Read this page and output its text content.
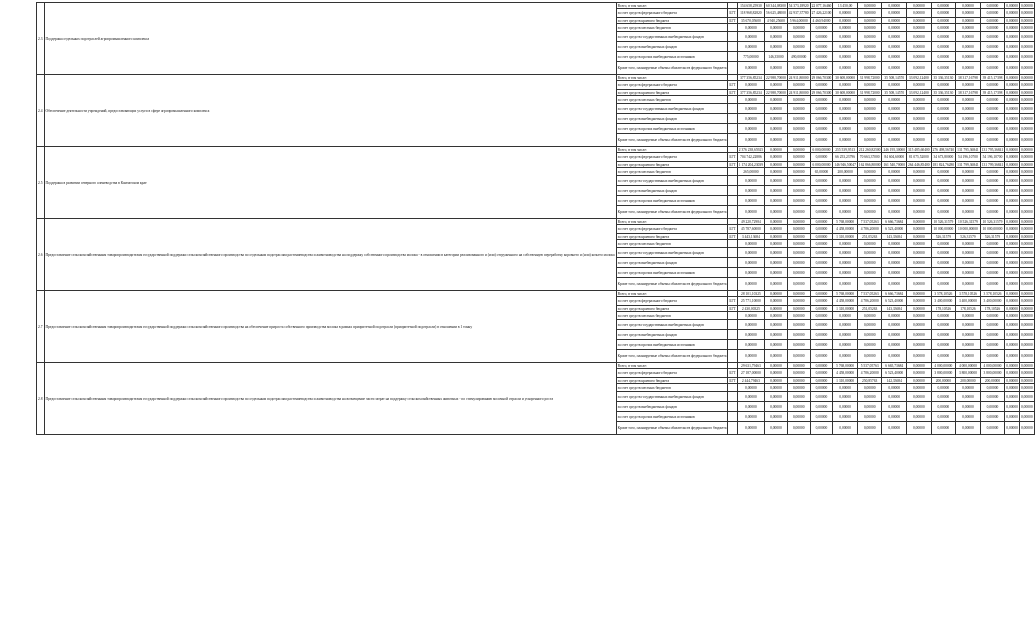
2.3	Поддержка отдельных подотраслей агропромышленного комплекса	Всего, в том числе:		154 658,25930	60 344,08300	54 373,18920	22 077,16460	13 450,00	0,00000	0,00000	0,00000	0,00000	0,00000	0,00000	0,00000	0,00000
		за счет средств федерального бюджета	БГТ	118 968,82820	56 625,48000	42 937,37780	27 426,22100	0,00000	0,00000	0,00000	0,00000	0,00000	0,00000	0,00000	0,00000	0,00000
		за счет средств краевого бюджета	БГТ	35 670,05600	4 940,25600	5 964,00000	4 460,94000	0,00000	0,00000	0,00000	0,00000	0,00000	0,00000	0,00000	0,00000	0,00000
		за счет средств местных бюджетов		0,00000	0,00000	0,00000	0,00000	0,00000	0,00000	0,00000	0,00000	0,00000	0,00000	0,00000	0,00000	0,00000
		за счет средств государственных внебюджетных фондов		0,00000	0,00000	0,00000	0,00000	0,00000	0,00000	0,00000	0,00000	0,00000	0,00000	0,00000	0,00000	0,00000
		за счет средств внебюджетных фондов		0,00000	0,00000	0,00000	0,00000	0,00000	0,00000	0,00000	0,00000	0,00000	0,00000	0,00000	0,00000	0,00000
		за счет средств прочих внебюджетных источников		775,00000	146,35000	490,00000	0,00000	0,00000	0,00000	0,00000	0,00000	0,00000	0,00000	0,00000	0,00000	0,00000
		Кроме того, планируемые объемы обязательств федерального бюджета		0,00000	0,00000	0,00000	0,00000	0,00000	0,00000	0,00000	0,00000	0,00000	0,00000	0,00000	0,00000	0,00000
2.4	Обеспечение деятельности учреждений, предоставляющих услуги в сфере агропромышленного комплекса	Всего, в том числе:		377 356,85234	22 988,70000	24 911,80000	29 066,70300	30 608,00000	31 998,72000	35 508,14570	33 092,12400	35 336,35130	38 317,16798	39 415,17398	0,00000	0,00000
		за счет средств федерального бюджета	БГТ	0,00000	0,00000	0,00000	0,00000	0,00000	0,00000	0,00000	0,00000	0,00000	0,00000	0,00000	0,00000	0,00000
		за счет средств краевого бюджета	БГТ	377 356,85234	22 988,70000	24 911,80000	29 066,70300	30 608,00000	31 998,72000	35 508,14570	33 092,12400	35 336,35130	38 317,16798	39 415,17398	0,00000	0,00000
		за счет средств местных бюджетов		0,00000	0,00000	0,00000	0,00000	0,00000	0,00000	0,00000	0,00000	0,00000	0,00000	0,00000	0,00000	0,00000
		за счет средств государственных внебюджетных фондов		0,00000	0,00000	0,00000	0,00000	0,00000	0,00000	0,00000	0,00000	0,00000	0,00000	0,00000	0,00000	0,00000
		за счет средств внебюджетных фондов		0,00000	0,00000	0,00000	0,00000	0,00000	0,00000	0,00000	0,00000	0,00000	0,00000	0,00000	0,00000	0,00000
		за счет средств прочих внебюджетных источников		0,00000	0,00000	0,00000	0,00000	0,00000	0,00000	0,00000	0,00000	0,00000	0,00000	0,00000	0,00000	0,00000
		Кроме того, планируемые объемы обязательств федерального бюджета		0,00000	0,00000	0,00000	0,00000	0,00000	0,00000	0,00000	0,00000	0,00000	0,00000	0,00000	0,00000	0,00000
2.5	Поддержка в развитии северного оленеводства в Камчатском крае	Всего, в том числе:		2 376 238,65925	0,00000	0,00000	6 000,00000	255 539,9513	212 260,82500	246 195,30000	315 485,60400	276 498,56740	131 795,36841	131 795,36841	0,00000	0,00000
		за счет средств федерального бюджета	БГТ	704 742,22886	0,00000	0,00000	0,00000	66 253,23796	70 663,37000	84 604,60000	81 075,52000	34 673,80000	54 196,10700	54 196,10700	0,00000	0,00000
		за счет средств краевого бюджета	БГТ	1 174 204,23039	0,00000	0,00000	6 000,00000	146 946,50047	162 866,80000	161 540,70000	264 446,85400	181 824,76280	131 799,36841	131 799,36841	0,00000	0,00000
		за счет средств местных бюджетов		265,00000	0,00000	0,00000	65,00000	200,00000	0,00000	0,00000	0,00000	0,00000	0,00000	0,00000	0,00000	0,00000
		за счет средств государственных внебюджетных фондов		0,00000	0,00000	0,00000	0,00000	0,00000	0,00000	0,00000	0,00000	0,00000	0,00000	0,00000	0,00000	0,00000
		за счет средств внебюджетных фондов		0,00000	0,00000	0,00000	0,00000	0,00000	0,00000	0,00000	0,00000	0,00000	0,00000	0,00000	0,00000	0,00000
		за счет средств прочих внебюджетных источников		0,00000	0,00000	0,00000	0,00000	0,00000	0,00000	0,00000	0,00000	0,00000	0,00000	0,00000	0,00000	0,00000
		Кроме того, планируемые объемы обязательств федерального бюджета		0,00000	0,00000	0,00000	0,00000	0,00000	0,00000	0,00000	0,00000	0,00000	0,00000	0,00000	0,00000	0,00000
2.6	Предоставление сельскохозяйственным товаропроизводителям государственной поддержки сельскохозяйственного производства по отдельным подотраслям растениеводства и животноводства на поддержку собственного производства молока - в отношении в категории реализованного и (или) отгруженного на собственную переработку коровьего и (или) козьего молока	Всего, в том числе:		49 220,72984	0,00000	0,00000	0,00000	5 768,00000	7 537,05263	6 666,73684	0,00000	10 526,31579	10 526,31579	10 526,31579	0,00000	0,00000
		за счет средств федерального бюджета	БГТ	45 787,60000	0,00000	0,00000	0,00000	4 458,00000	4 786,20000	6 523,40000	0,00000	10 000,00000	10 000,00000	10 000,00000	0,00000	0,00000
		за счет средств краевого бюджета	БГТ	3 443,13684	0,00000	0,00000	0,00000	1 310,00000	251,05263	143,33684	0,00000	526,31579	526,31579	526,31579	0,00000	0,00000
		за счет средств местных бюджетов		0,00000	0,00000	0,00000	0,00000	0,00000	0,00000	0,00000	0,00000	0,00000	0,00000	0,00000	0,00000	0,00000
		за счет средств государственных внебюджетных фондов		0,00000	0,00000	0,00000	0,00000	0,00000	0,00000	0,00000	0,00000	0,00000	0,00000	0,00000	0,00000	0,00000
		за счет средств внебюджетных фондов		0,00000	0,00000	0,00000	0,00000	0,00000	0,00000	0,00000	0,00000	0,00000	0,00000	0,00000	0,00000	0,00000
		за счет средств прочих внебюджетных источников		0,00000	0,00000	0,00000	0,00000	0,00000	0,00000	0,00000	0,00000	0,00000	0,00000	0,00000	0,00000	0,00000
		Кроме того, планируемые объемы обязательств федерального бюджета		0,00000	0,00000	0,00000	0,00000	0,00000	0,00000	0,00000	0,00000	0,00000	0,00000	0,00000	0,00000	0,00000
2.7	Предоставление сельскохозяйственным товаропроизводителям государственной поддержки сельскохозяйственного производства на обеспечение прироста собственного производства молока в рамках приоритетной подотрасли (приоритетной подотрасли) в отношении в 1 тонну	Всего, в том числе:		28 101,10325	0,00000	0,00000	0,00000	5 768,00000	7 537,05263	6 666,73684	0,00000	3 578,10526	3 578,10526	3 578,10526	0,00000	0,00000
		за счет средств федерального бюджета	БГТ	25 771,10000	0,00000	0,00000	0,00000	4 458,00000	4 786,20000	6 523,40000	0,00000	3 400,00000	3 400,00000	3 400,00000	0,00000	0,00000
		за счет средств краевого бюджета	БГТ	2 430,00325	0,00000	0,00000	0,00000	1 310,00000	251,05263	143,33684	0,00000	178,10526	178,10526	178,10526	0,00000	0,00000
		за счет средств местных бюджетов		0,00000	0,00000	0,00000	0,00000	0,00000	0,00000	0,00000	0,00000	0,00000	0,00000	0,00000	0,00000	0,00000
		за счет средств государственных внебюджетных фондов		0,00000	0,00000	0,00000	0,00000	0,00000	0,00000	0,00000	0,00000	0,00000	0,00000	0,00000	0,00000	0,00000
		за счет средств внебюджетных фондов		0,00000	0,00000	0,00000	0,00000	0,00000	0,00000	0,00000	0,00000	0,00000	0,00000	0,00000	0,00000	0,00000
		за счет средств прочих внебюджетных источников		0,00000	0,00000	0,00000	0,00000	0,00000	0,00000	0,00000	0,00000	0,00000	0,00000	0,00000	0,00000	0,00000
		Кроме того, планируемые объемы обязательств федерального бюджета		0,00000	0,00000	0,00000	0,00000	0,00000	0,00000	0,00000	0,00000	0,00000	0,00000	0,00000	0,00000	0,00000
2.8	Предоставление сельскохозяйственным товаропроизводителям государственной поддержки сельскохозяйственного производства по отдельным подотраслям растениеводства и животноводства на возмещение части затрат на поддержку сельскохозяйственных животных - по стимулированию молочной отрасли и ускоренного роста	Всего, в том числе:		29 631,79463	0,00000	0,00000	0,00000	5 768,00000	5 537,05763	6 665,73684	0,00000	4 000,00000	4 000,00000	4 000,00000	0,00000	0,00000
		за счет средств федерального бюджета	БГТ	27 187,00000	0,00000	0,00000	0,00000	4 458,00000	4 786,20000	6 523,40000	0,00000	3 800,00000	3 800,00000	3 800,00000	0,00000	0,00000
		за счет средств краевого бюджета	БГТ	2 444,79463	0,00000	0,00000	0,00000	1 310,00000	250,85763	142,33684	0,00000	200,00000	200,00000	200,00000	0,00000	0,00000
		за счет средств местных бюджетов		0,00000	0,00000	0,00000	0,00000	0,00000	0,00000	0,00000	0,00000	0,00000	0,00000	0,00000	0,00000	0,00000
		за счет средств государственных внебюджетных фондов		0,00000	0,00000	0,00000	0,00000	0,00000	0,00000	0,00000	0,00000	0,00000	0,00000	0,00000	0,00000	0,00000
		за счет средств внебюджетных фондов		0,00000	0,00000	0,00000	0,00000	0,00000	0,00000	0,00000	0,00000	0,00000	0,00000	0,00000	0,00000	0,00000
		за счет средств прочих внебюджетных источников		0,00000	0,00000	0,00000	0,00000	0,00000	0,00000	0,00000	0,00000	0,00000	0,00000	0,00000	0,00000	0,00000
		Кроме того, планируемые объемы обязательств федерального бюджета		0,00000	0,00000	0,00000	0,00000	0,00000	0,00000	0,00000	0,00000	0,00000	0,00000	0,00000	0,00000	0,00000
